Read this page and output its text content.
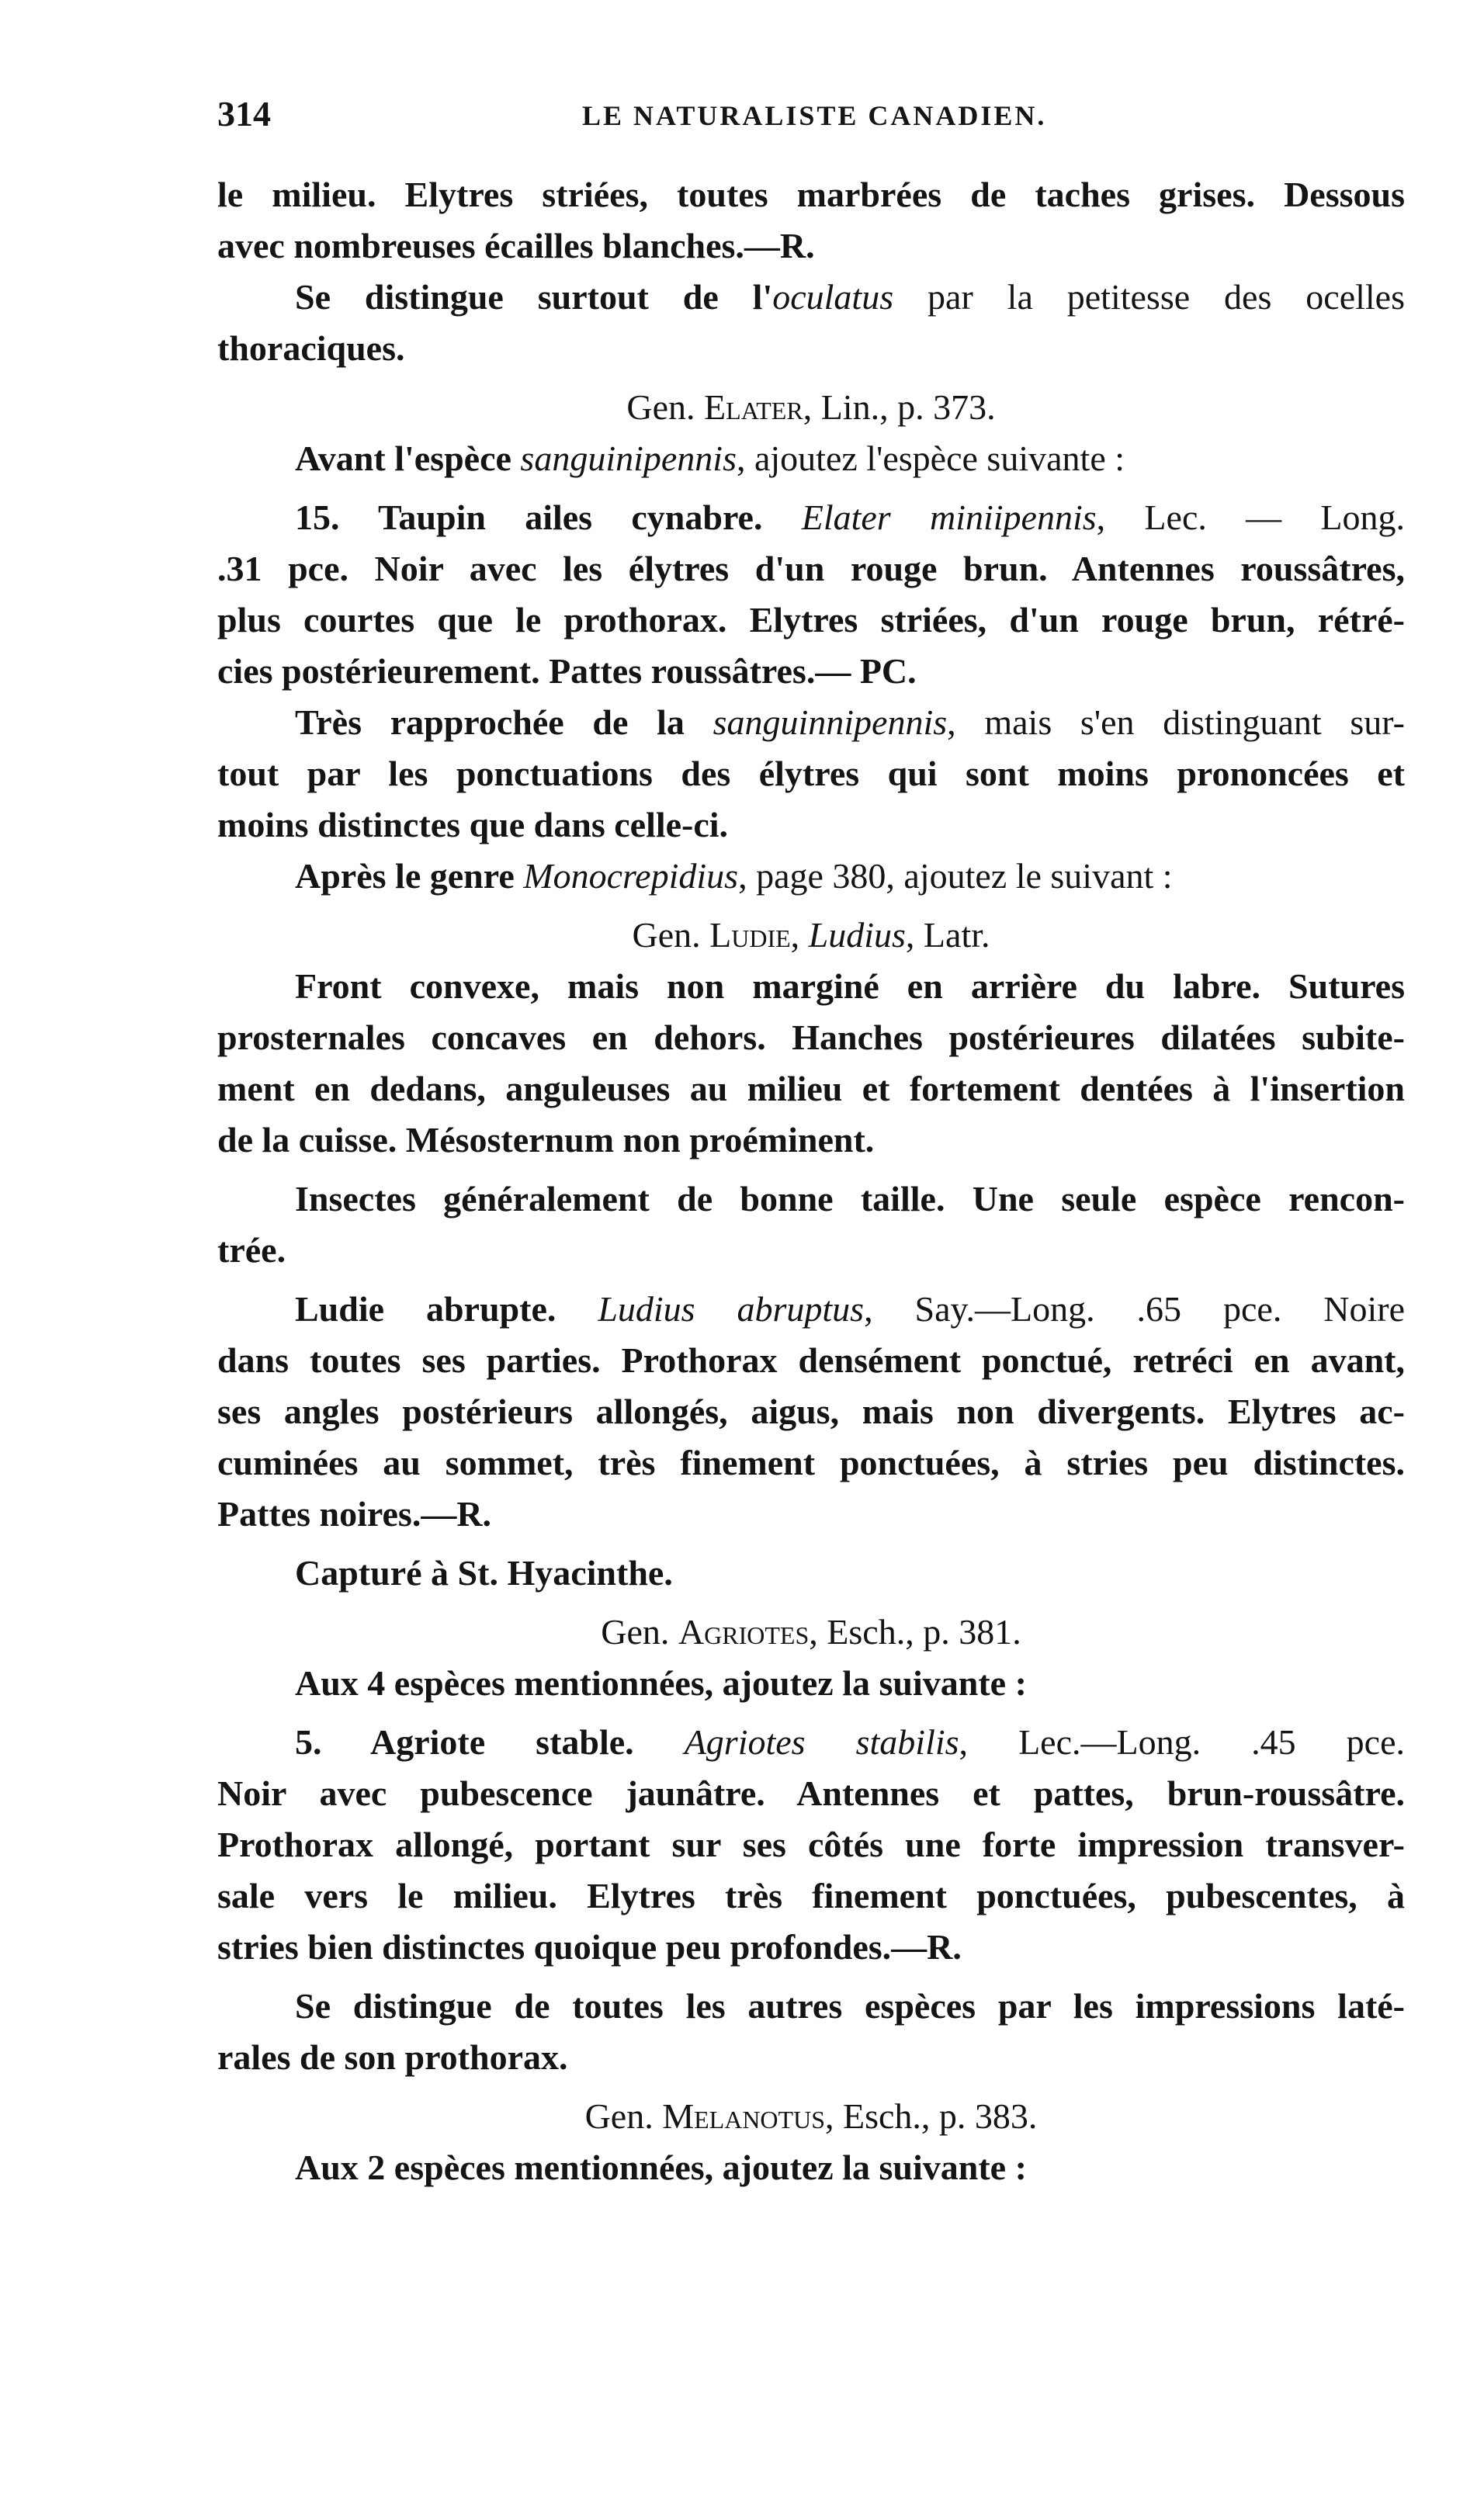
314	LE NATURALISTE CANADIEN.
le milieu. Elytres striées, toutes marbrées de taches grises. Dessous
avec nombreuses écailles blanches.—R.
Se distingue surtout de l'oculatus par la petitesse des ocelles
thoraciques.
Gen. Elater, Lin., p. 373.
Avant l'espèce sanguinipennis, ajoutez l'espèce suivante :
15. Taupin ailes cynabre. Elater miniipennis, Lec. — Long.
.31 pce. Noir avec les élytres d'un rouge brun. Antennes roussâtres,
plus courtes que le prothorax. Elytres striées, d'un rouge brun, rétré-
cies postérieurement. Pattes roussâtres.— PC.
Très rapprochée de la sanguinnipennis, mais s'en distinguant sur-
tout par les ponctuations des élytres qui sont moins prononcées et
moins distinctes que dans celle-ci.
Après le genre Monocrepidius, page 380, ajoutez le suivant :
Gen. Ludie, Ludius, Latr.
Front convexe, mais non marginé en arrière du labre. Sutures
prosternales concaves en dehors. Hanches postérieures dilatées subite-
ment en dedans, anguleuses au milieu et fortement dentées à l'insertion
de la cuisse. Mésosternum non proéminent.
Insectes généralement de bonne taille. Une seule espèce rencon-
trée.
Ludie abrupte. Ludius abruptus, Say.—Long. .65 pce. Noire
dans toutes ses parties. Prothorax densément ponctué, retréci en avant,
ses angles postérieurs allongés, aigus, mais non divergents. Elytres ac-
cuminées au sommet, très finement ponctuées, à stries peu distinctes.
Pattes noires.—R.
Capturé à St. Hyacinthe.
Gen. Agriotes, Esch., p. 381.
Aux 4 espèces mentionnées, ajoutez la suivante :
5. Agriote stable. Agriotes stabilis, Lec.—Long. .45 pce.
Noir avec pubescence jaunâtre. Antennes et pattes, brun-roussâtre.
Prothorax allongé, portant sur ses côtés une forte impression transver-
sale vers le milieu. Elytres très finement ponctuées, pubescentes, à
stries bien distinctes quoique peu profondes.—R.
Se distingue de toutes les autres espèces par les impressions laté-
rales de son prothorax.
Gen. Melanotus, Esch., p. 383.
Aux 2 espèces mentionnées, ajoutez la suivante :
